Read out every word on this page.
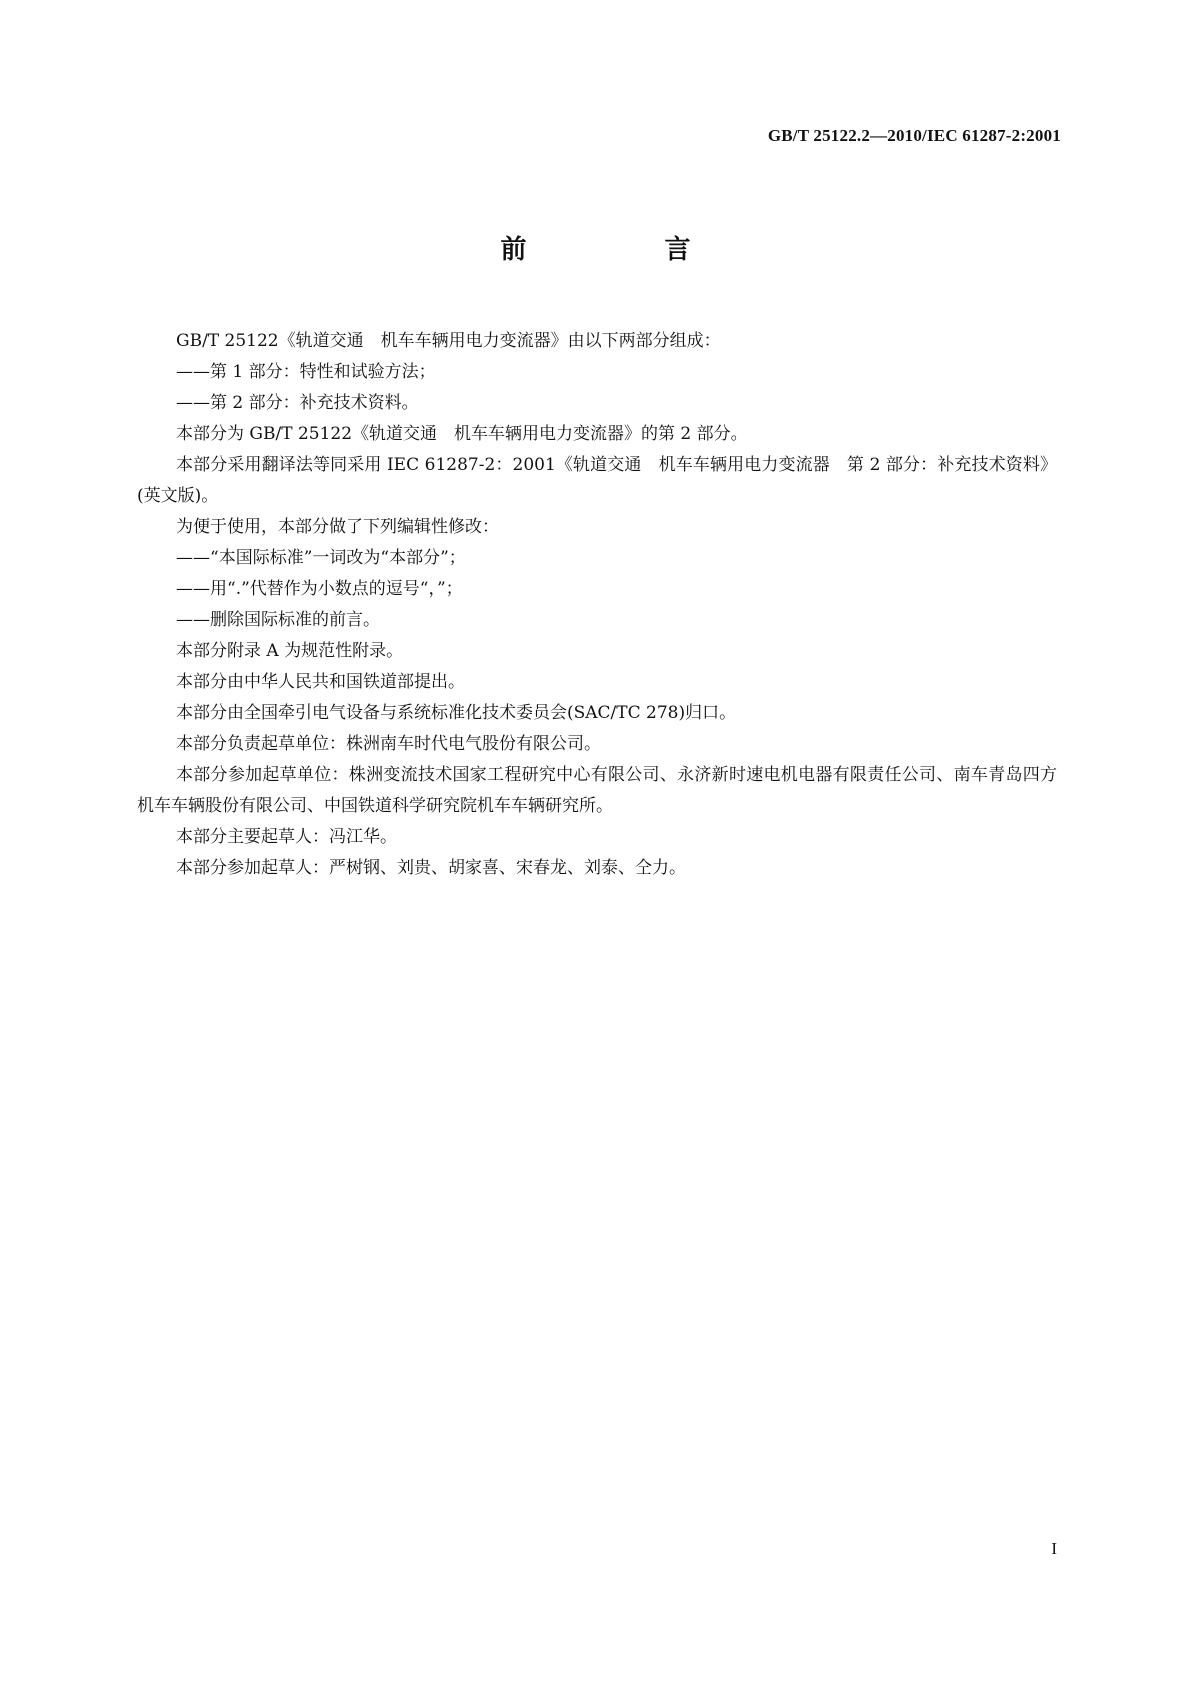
GB/T 25122.2—2010/IEC 61287-2:2001
前　言

GB/T 25122《轨道交通　机车车辆用电力变流器》由以下两部分组成：

——第 1 部分：特性和试验方法；

——第 2 部分：补充技术资料。

本部分为 GB/T 25122《轨道交通　机车车辆用电力变流器》的第 2 部分。

本部分采用翻译法等同采用 IEC 61287-2：2001《轨道交通　机车车辆用电力变流器　第 2 部分：补充技术资料》(英文版)。

为便于使用，本部分做了下列编辑性修改：

——“本国际标准”一词改为“本部分”；

——用“.”代替作为小数点的逗号“，”；

——删除国际标准的前言。

本部分附录 A 为规范性附录。

本部分由中华人民共和国铁道部提出。

本部分由全国牵引电气设备与系统标准化技术委员会(SAC/TC 278)归口。

本部分负责起草单位：株洲南车时代电气股份有限公司。

本部分参加起草单位：株洲变流技术国家工程研究中心有限公司、永济新时速电机电器有限责任公司、南车青岛四方机车车辆股份有限公司、中国铁道科学研究院机车车辆研究所。

本部分主要起草人：冯江华。

本部分参加起草人：严树钢、刘贵、胡家喜、宋春龙、刘泰、仝力。

I
